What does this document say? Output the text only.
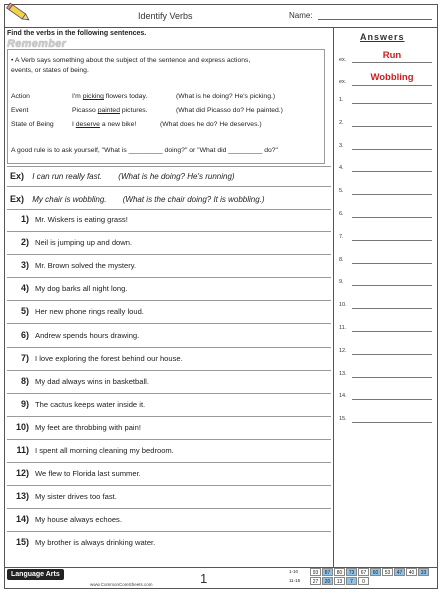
Identify Verbs	Name:
Find the verbs in the following sentences.
Remember
• A Verb says something about the subject of the sentence and express actions,
events, or states of being.
Action	I'm picking flowers today.	(What is he doing? He's picking.)
Event	Picasso painted pictures.	(What did Picasso do? He painted.)
State of Being	I deserve a new bike!	(What does he do? He deserves.)
A good rule is to ask yourself, "What is _________ doing?" or "What did _________ do?"
Ex) I can run really fast. (What is he doing? He's running)
Ex) My chair is wobbling. (What is the chair doing? It is wobbling.)
1) Mr. Wiskers is eating grass!
2) Neil is jumping up and down.
3) Mr. Brown solved the mystery.
4) My dog barks all night long.
5) Her new phone rings really loud.
6) Andrew spends hours drawing.
7) I love exploring the forest behind our house.
8) My dad always wins in basketball.
9) The cactus keeps water inside it.
10) My feet are throbbing with pain!
11) I spent all morning cleaning my bedroom.
12) We flew to Florida last summer.
13) My sister drives too fast.
14) My house always echoes.
15) My brother is always drinking water.
Answers
ex.	Run
ex.	Wobbling
1.
2.
3.
4.
5.
6.
7.
8.
9.
10.
11.
12.
13.
14.
15.
Language Arts
www.CommonCoreSheets.com	1	1-10	93	87	80	73	67	60	53	47	40	33
11-15	27	20	13	7	0
